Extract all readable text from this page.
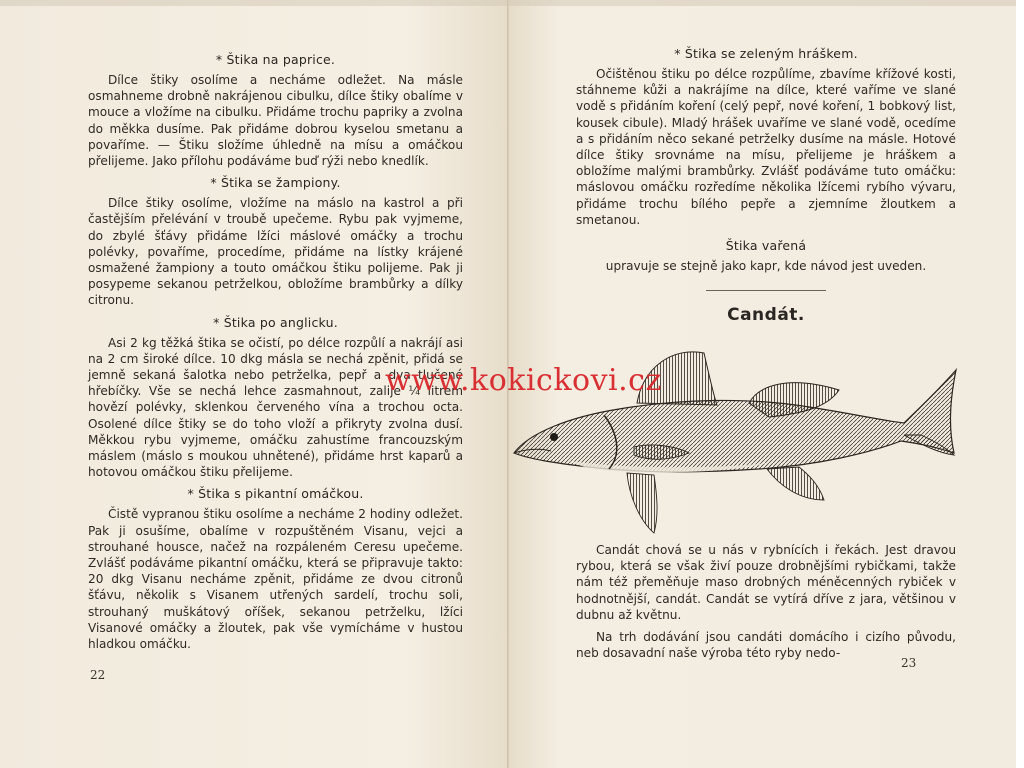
* Štika na paprice.

Dílce štiky osolíme a necháme odležet. Na másle osmahneme drobně nakrájenou cibulku, dílce štiky obalíme v mouce a vložíme na cibulku. Přidáme trochu papriky a zvolna do měkka dusíme. Pak přidáme dobrou kyselou smetanu a povaříme. — Štiku složíme úhledně na mísu a omáčkou přelijeme. Jako přílohu podáváme buď rýži nebo knedlík.

* Štika se žampiony.

Dílce štiky osolíme, vložíme na máslo na kastrol a při častějším přelévání v troubě upečeme. Rybu pak vyjmeme, do zbylé šťávy přidáme lžíci máslové omáčky a trochu polévky, povaříme, procedíme, přidáme na lístky krájené osmažené žampiony a touto omáčkou štiku polijeme. Pak ji posypeme sekanou petrželkou, obložíme brambůrky a dílky citronu.

* Štika po anglicku.

Asi 2 kg těžká štika se očistí, po délce rozpůlí a nakrájí asi na 2 cm široké dílce. 10 dkg másla se nechá zpěnit, přidá se jemně sekaná šalotka nebo petrželka, pepř a dva tlučené hřebíčky. Vše se nechá lehce zasmahnout, zalije ¼ litrem hovězí polévky, sklenkou červeného vína a trochou octa. Osolené dílce štiky se do toho vloží a přikryty zvolna dusí. Měkkou rybu vyjmeme, omáčku zahustíme francouzským máslem (máslo s moukou uhnětené), přidáme hrst kaparů a hotovou omáčkou štiku přelijeme.

* Štika s pikantní omáčkou.

Čistě vypranou štiku osolíme a necháme 2 hodiny odležet. Pak ji osušíme, obalíme v rozpuštěném Visanu, vejci a strouhané housce, načež na rozpáleném Ceresu upečeme. Zvlášť podáváme pikantní omáčku, která se připravuje takto: 20 dkg Visanu necháme zpěnit, přidáme ze dvou citronů šťávu, několik s Visanem utřených sardelí, trochu soli, strouhaný muškátový oříšek, sekanou petrželku, lžíci Visanové omáčky a žloutek, pak vše vymícháme v hustou hladkou omáčku.

22
* Štika se zeleným hráškem.

Očištěnou štiku po délce rozpůlíme, zbavíme křížové kosti, stáhneme kůži a nakrájíme na dílce, které vaříme ve slané vodě s přidáním koření (celý pepř, nové koření, 1 bobkový list, kousek cibule). Mladý hrášek uvaříme ve slané vodě, ocedíme a s přidáním něco sekané petrželky dusíme na másle. Hotové dílce štiky srovnáme na mísu, přelijeme je hráškem a obložíme malými brambůrky. Zvlášť podáváme tuto omáčku: máslovou omáčku rozředíme několika lžícemi rybího vývaru, přidáme trochu bílého pepře a zjemníme žloutkem a smetanou.

Štika vařená

upravuje se stejně jako kapr, kde návod jest uveden.

Candát.

Candát chová se u nás v rybnících i řekách. Jest dravou rybou, která se však živí pouze drobnějšími rybičkami, takže nám též přeměňuje maso drobných méněcenných rybiček v hodnotnější, candát. Candát se vytírá dříve z jara, většinou v dubnu až květnu.

Na trh dodávání jsou candáti domácího i cizího původu, neb dosavadní naše výroba této ryby nedo-

23
www.kokickovi.cz
